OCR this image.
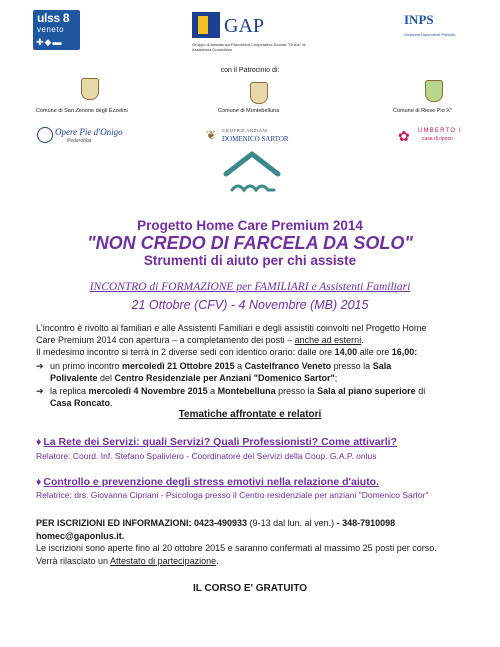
ulss 8
veneto
✚◆▬
GAP
Gruppo di Assistenza Psicofisica Cooperativa Sociale "Onlus" di Assistenza Domiciliare
INPS
Gestione Dipendenti Pubblici
con il Patrocinio di:
Comune di San Zenone degli Ezzelini	Comune di Montebelluna	Comune di Riese Pio X°
Opere Pie d'Onigo
Pederobba	❦ CENTRO ANZIANI
DOMENICO SARTOR	✿ UMBERTO I
casa di riposo
Progetto Home Care Premium 2014
"NON CREDO DI FARCELA DA SOLO"
Strumenti di aiuto per chi assiste
INCONTRO di FORMAZIONE per FAMILIARI e Assistenti Familiari
21 Ottobre (CFV) - 4 Novembre (MB) 2015
L'incontro è rivolto ai familiari e alle Assistenti Familiari e degli assistiti coinvolti nel Progetto Home
Care Premium 2014 con apertura – a completamento dei posti – anche ad esterni.
Il medesimo incontro si terrà in 2 diverse sedi con identico orario: dalle ore 14,00 alle ore 16,00:
➔ un primo incontro mercoledì 21 Ottobre 2015 a Castelfranco Veneto presso la Sala
Polivalente del Centro Residenziale per Anziani "Domenico Sartor";
➔ la replica mercoledì 4 Novembre 2015 a Montebelluna presso la Sala al piano superiore di
Casa Roncato.
Tematiche affrontate e relatori
♦ La Rete dei Servizi: quali Servizi? Quali Professionisti? Come attivarli?
Relatore: Coord. Inf. Stefano Spaliviero - Coordinatore dei Servizi della Coop. G.A.P. onlus
♦ Controllo e prevenzione degli stress emotivi nella relazione d'aiuto.
Relatrice: drs. Giovanna Cipriani - Psicologa presso il Centro residenziale per anziani "Domenico Sartor"
PER ISCRIZIONI ED INFORMAZIONI: 0423-490933 (9-13 dal lun. al ven.) - 348-7910098
homec@gaponlus.it.
Le iscrizioni sono aperte fino al 20 ottobre 2015 e saranno confermati al massimo 25 posti per corso.
Verrà rilasciato un Attestato di partecipazione.
IL CORSO E' GRATUITO
